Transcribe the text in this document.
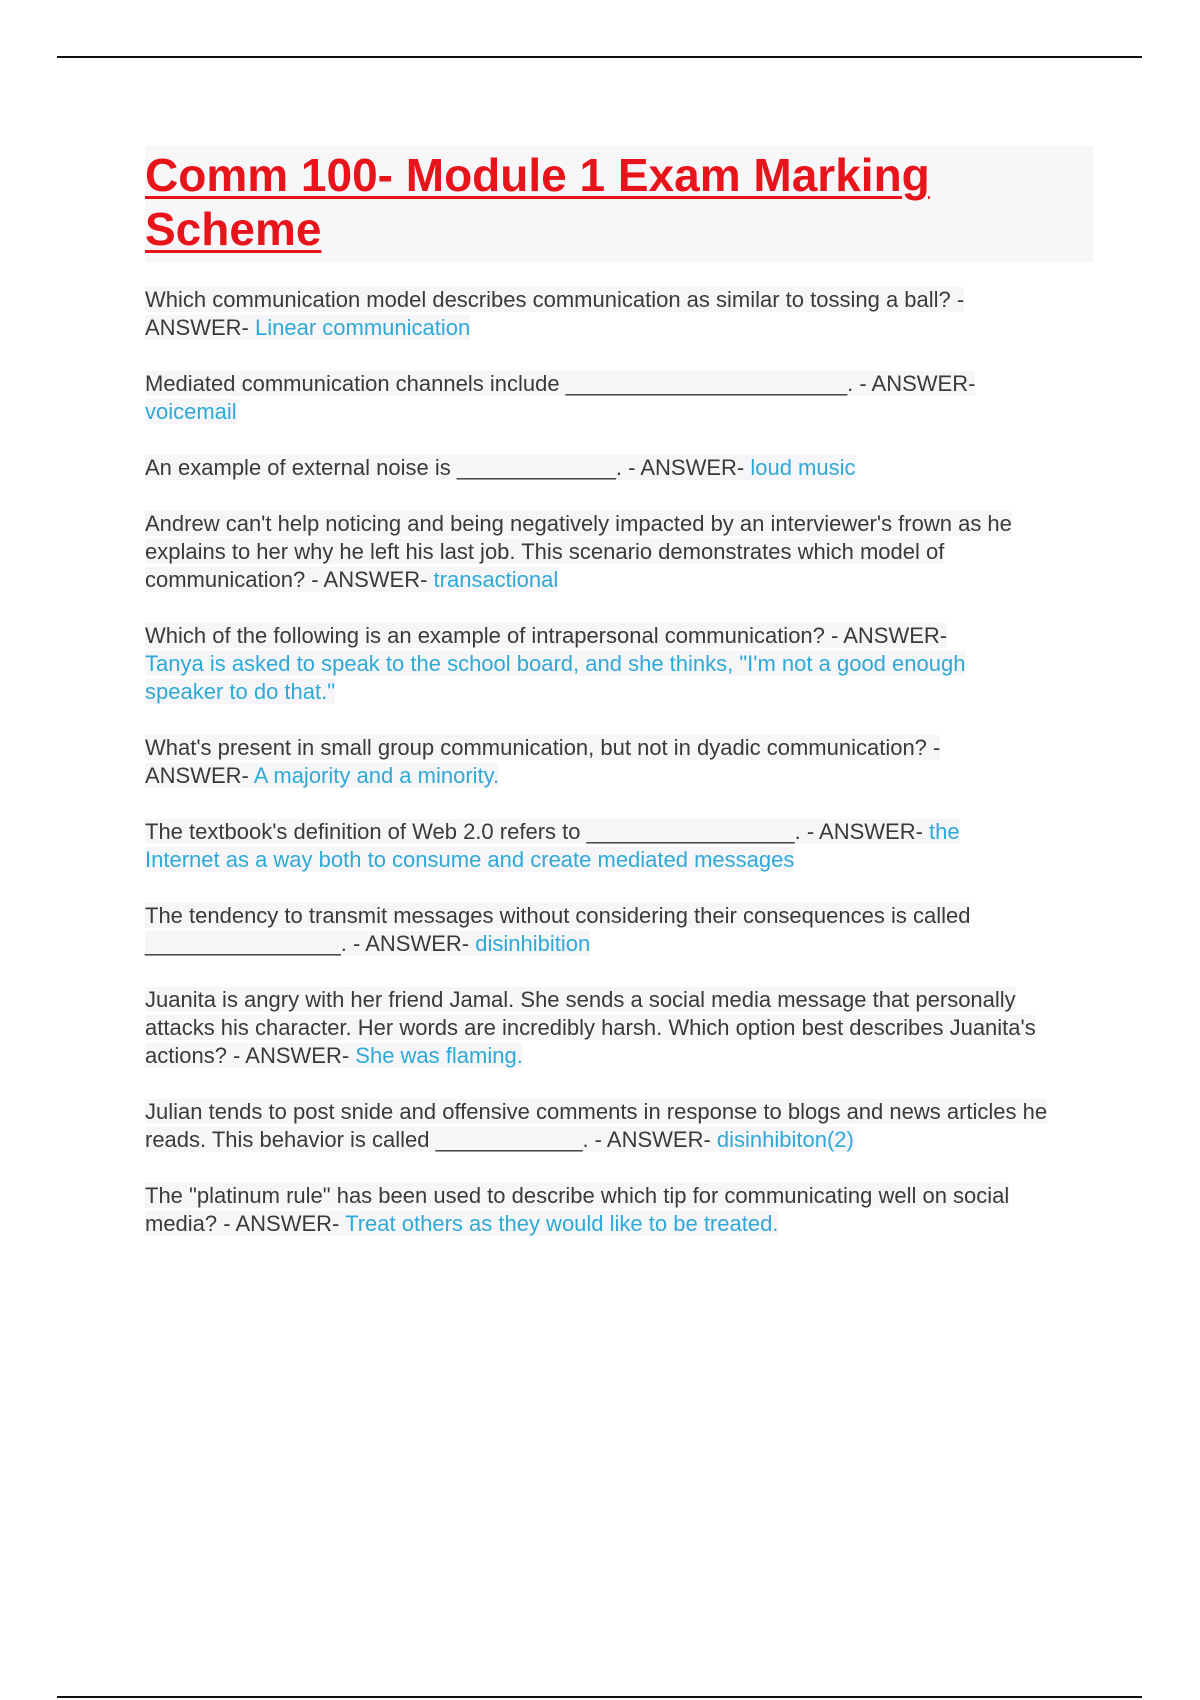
Comm 100- Module 1 Exam Marking Scheme
Which communication model describes communication as similar to tossing a ball? -
ANSWER- Linear communication
Mediated communication channels include _______________________. - ANSWER-
voicemail
An example of external noise is _____________. - ANSWER- loud music
Andrew can't help noticing and being negatively impacted by an interviewer's frown as he
explains to her why he left his last job. This scenario demonstrates which model of
communication? - ANSWER- transactional
Which of the following is an example of intrapersonal communication? - ANSWER-
Tanya is asked to speak to the school board, and she thinks, "I'm not a good enough
speaker to do that."
What's present in small group communication, but not in dyadic communication? -
ANSWER- A majority and a minority.
The textbook's definition of Web 2.0 refers to _________________. - ANSWER- the
Internet as a way both to consume and create mediated messages
The tendency to transmit messages without considering their consequences is called
________________. - ANSWER- disinhibition
Juanita is angry with her friend Jamal. She sends a social media message that personally
attacks his character. Her words are incredibly harsh. Which option best describes Juanita's
actions? - ANSWER- She was flaming.
Julian tends to post snide and offensive comments in response to blogs and news articles he
reads. This behavior is called ____________. - ANSWER- disinhibiton(2)
The "platinum rule" has been used to describe which tip for communicating well on social
media? - ANSWER- Treat others as they would like to be treated.
